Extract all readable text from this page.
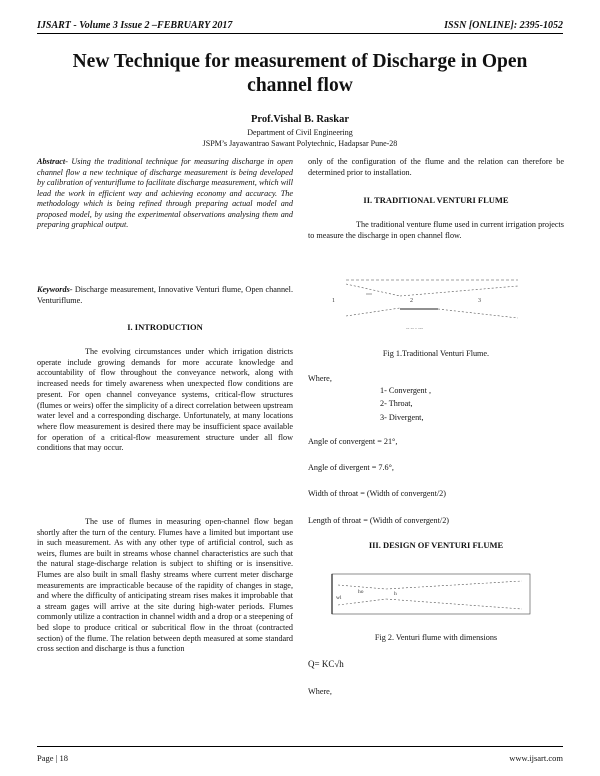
IJSART - Volume 3 Issue 2 –FEBRUARY 2017	ISSN [ONLINE]: 2395-1052
New Technique for measurement of Discharge in Open channel flow
Prof.Vishal B. Raskar
Department of Civil Engineering
JSPM’s Jayawantrao Sawant Polytechnic, Hadapsar Pune-28
Abstract- Using the traditional technique for measuring discharge in open channel flow a new technique of discharge measurement is being developed by calibration of venturiflume to facilitate discharge measurement, which will lead the work in efficient way and achieving economy and accuracy. The methodology which is being refined through preparing actual model and proposed model, by using the experimental observations analysing them and preparing graphical output.
Keywords- Discharge measurement, Innovative Venturi flume, Open channel. Venturiflume.
I. INTRODUCTION
The evolving circumstances under which irrigation districts operate include growing demands for more accurate knowledge and accountability of flow throughout the conveyance network, along with increased needs for timely awareness when unexpected flow conditions are present. For open channel conveyance systems, critical-flow structures (flumes or weirs) offer the simplicity of a direct correlation between upstream water level and a corresponding discharge. Unfortunately, at many locations where flow measurement is desired there may be insufficient space available for operation of a critical-flow measurement structure under all flow conditions that may occur.
The use of flumes in measuring open-channel flow began shortly after the turn of the century. Flumes have a limited but important use in such measurement. As with any other type of artificial control, such as weirs, flumes are built in streams whose channel characteristics are such that the natural stage-discharge relation is subject to shifting or is insensitive. Flumes are also built in small flashy streams where current meter discharge measurements are impracticable because of the rapidity of changes in stage, and where the difficulty of anticipating stream rises makes it improbable that a stream gages will arrive at the site during high-water periods. Flumes commonly utilize a contraction in channel width and a drop or a steepening of bed slope to produce critical or subcritical flow in the throat (contracted section) of the flume. The relation between depth measured at some standard cross section and discharge is thus a function
only of the configuration of the flume and the relation can therefore be determined prior to installation.
II. TRADITIONAL VENTURI FLUME
The traditional venture flume used in current irrigation projects to measure the discharge in open channel flow.
1	2	3
-- -- - ---
Fig 1.Traditional Venturi Flume.
Where,
1- Convergent ,
2- Throat,
3- Divergent,
Angle of convergent = 21°,
Angle of divergent = 7.6°,
Width of throat = (Width of convergent/2)
Length of throat = (Width of convergent/2)
III. DESIGN OF VENTURI FLUME
wl
ho	h
Fig 2. Venturi flume with dimensions
Q= KC√h
Where,
Page | 18	www.ijsart.com
